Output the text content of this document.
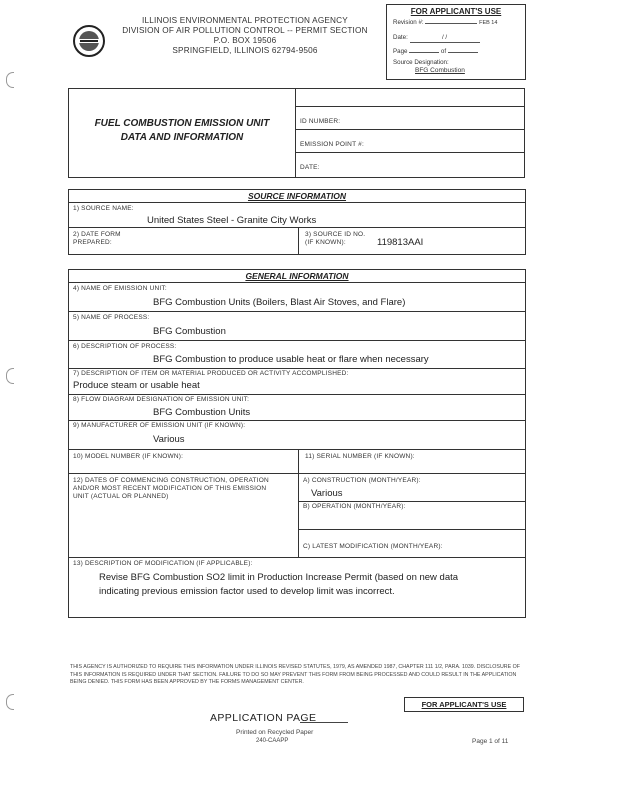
ILLINOIS ENVIRONMENTAL PROTECTION AGENCY
DIVISION OF AIR POLLUTION CONTROL -- PERMIT SECTION
P.O. BOX 19506
SPRINGFIELD, ILLINOIS 62794-9506
FOR APPLICANT'S USE
Revision #:	FEB 14
Date:	/ /
Page	of
Source Designation:
BFG Combustion
FUEL COMBUSTION EMISSION UNIT
DATA AND INFORMATION
ID NUMBER:
EMISSION POINT #:
DATE:
SOURCE INFORMATION
1) SOURCE NAME:
United States Steel - Granite City Works
2) DATE FORM PREPARED:
3) SOURCE ID NO. (IF KNOWN):	119813AAI
GENERAL INFORMATION
4) NAME OF EMISSION UNIT:
BFG Combustion Units (Boilers, Blast Air Stoves, and Flare)
5) NAME OF PROCESS:
BFG Combustion
6) DESCRIPTION OF PROCESS:
BFG Combustion to produce usable heat or flare when necessary
7) DESCRIPTION OF ITEM OR MATERIAL PRODUCED OR ACTIVITY ACCOMPLISHED:
Produce steam or usable heat
8) FLOW DIAGRAM DESIGNATION OF EMISSION UNIT:
BFG Combustion Units
9) MANUFACTURER OF EMISSION UNIT (IF KNOWN):
Various
10) MODEL NUMBER (IF KNOWN):	11) SERIAL NUMBER (IF KNOWN):
12) DATES OF COMMENCING CONSTRUCTION, OPERATION AND/OR MOST RECENT MODIFICATION OF THIS EMISSION UNIT (ACTUAL OR PLANNED)
A) CONSTRUCTION (MONTH/YEAR):
Various
B) OPERATION (MONTH/YEAR):
C) LATEST MODIFICATION (MONTH/YEAR):
13) DESCRIPTION OF MODIFICATION (IF APPLICABLE):
Revise BFG Combustion SO2 limit in Production Increase Permit (based on new data
indicating previous emission factor used to develop limit was incorrect.
THIS AGENCY IS AUTHORIZED TO REQUIRE THIS INFORMATION UNDER ILLINOIS REVISED STATUTES, 1979, AS AMENDED 1987, CHAPTER 111 1/2, PARA. 1039. DISCLOSURE OF THIS INFORMATION IS REQUIRED UNDER THAT SECTION. FAILURE TO DO SO MAY PREVENT THIS FORM FROM BEING PROCESSED AND COULD RESULT IN THE APPLICATION BEING DENIED. THIS FORM HAS BEEN APPROVED BY THE FORMS MANAGEMENT CENTER.
FOR APPLICANT'S USE
APPLICATION PAGE
Printed on Recycled Paper
240-CAAPP	Page 1 of 11
